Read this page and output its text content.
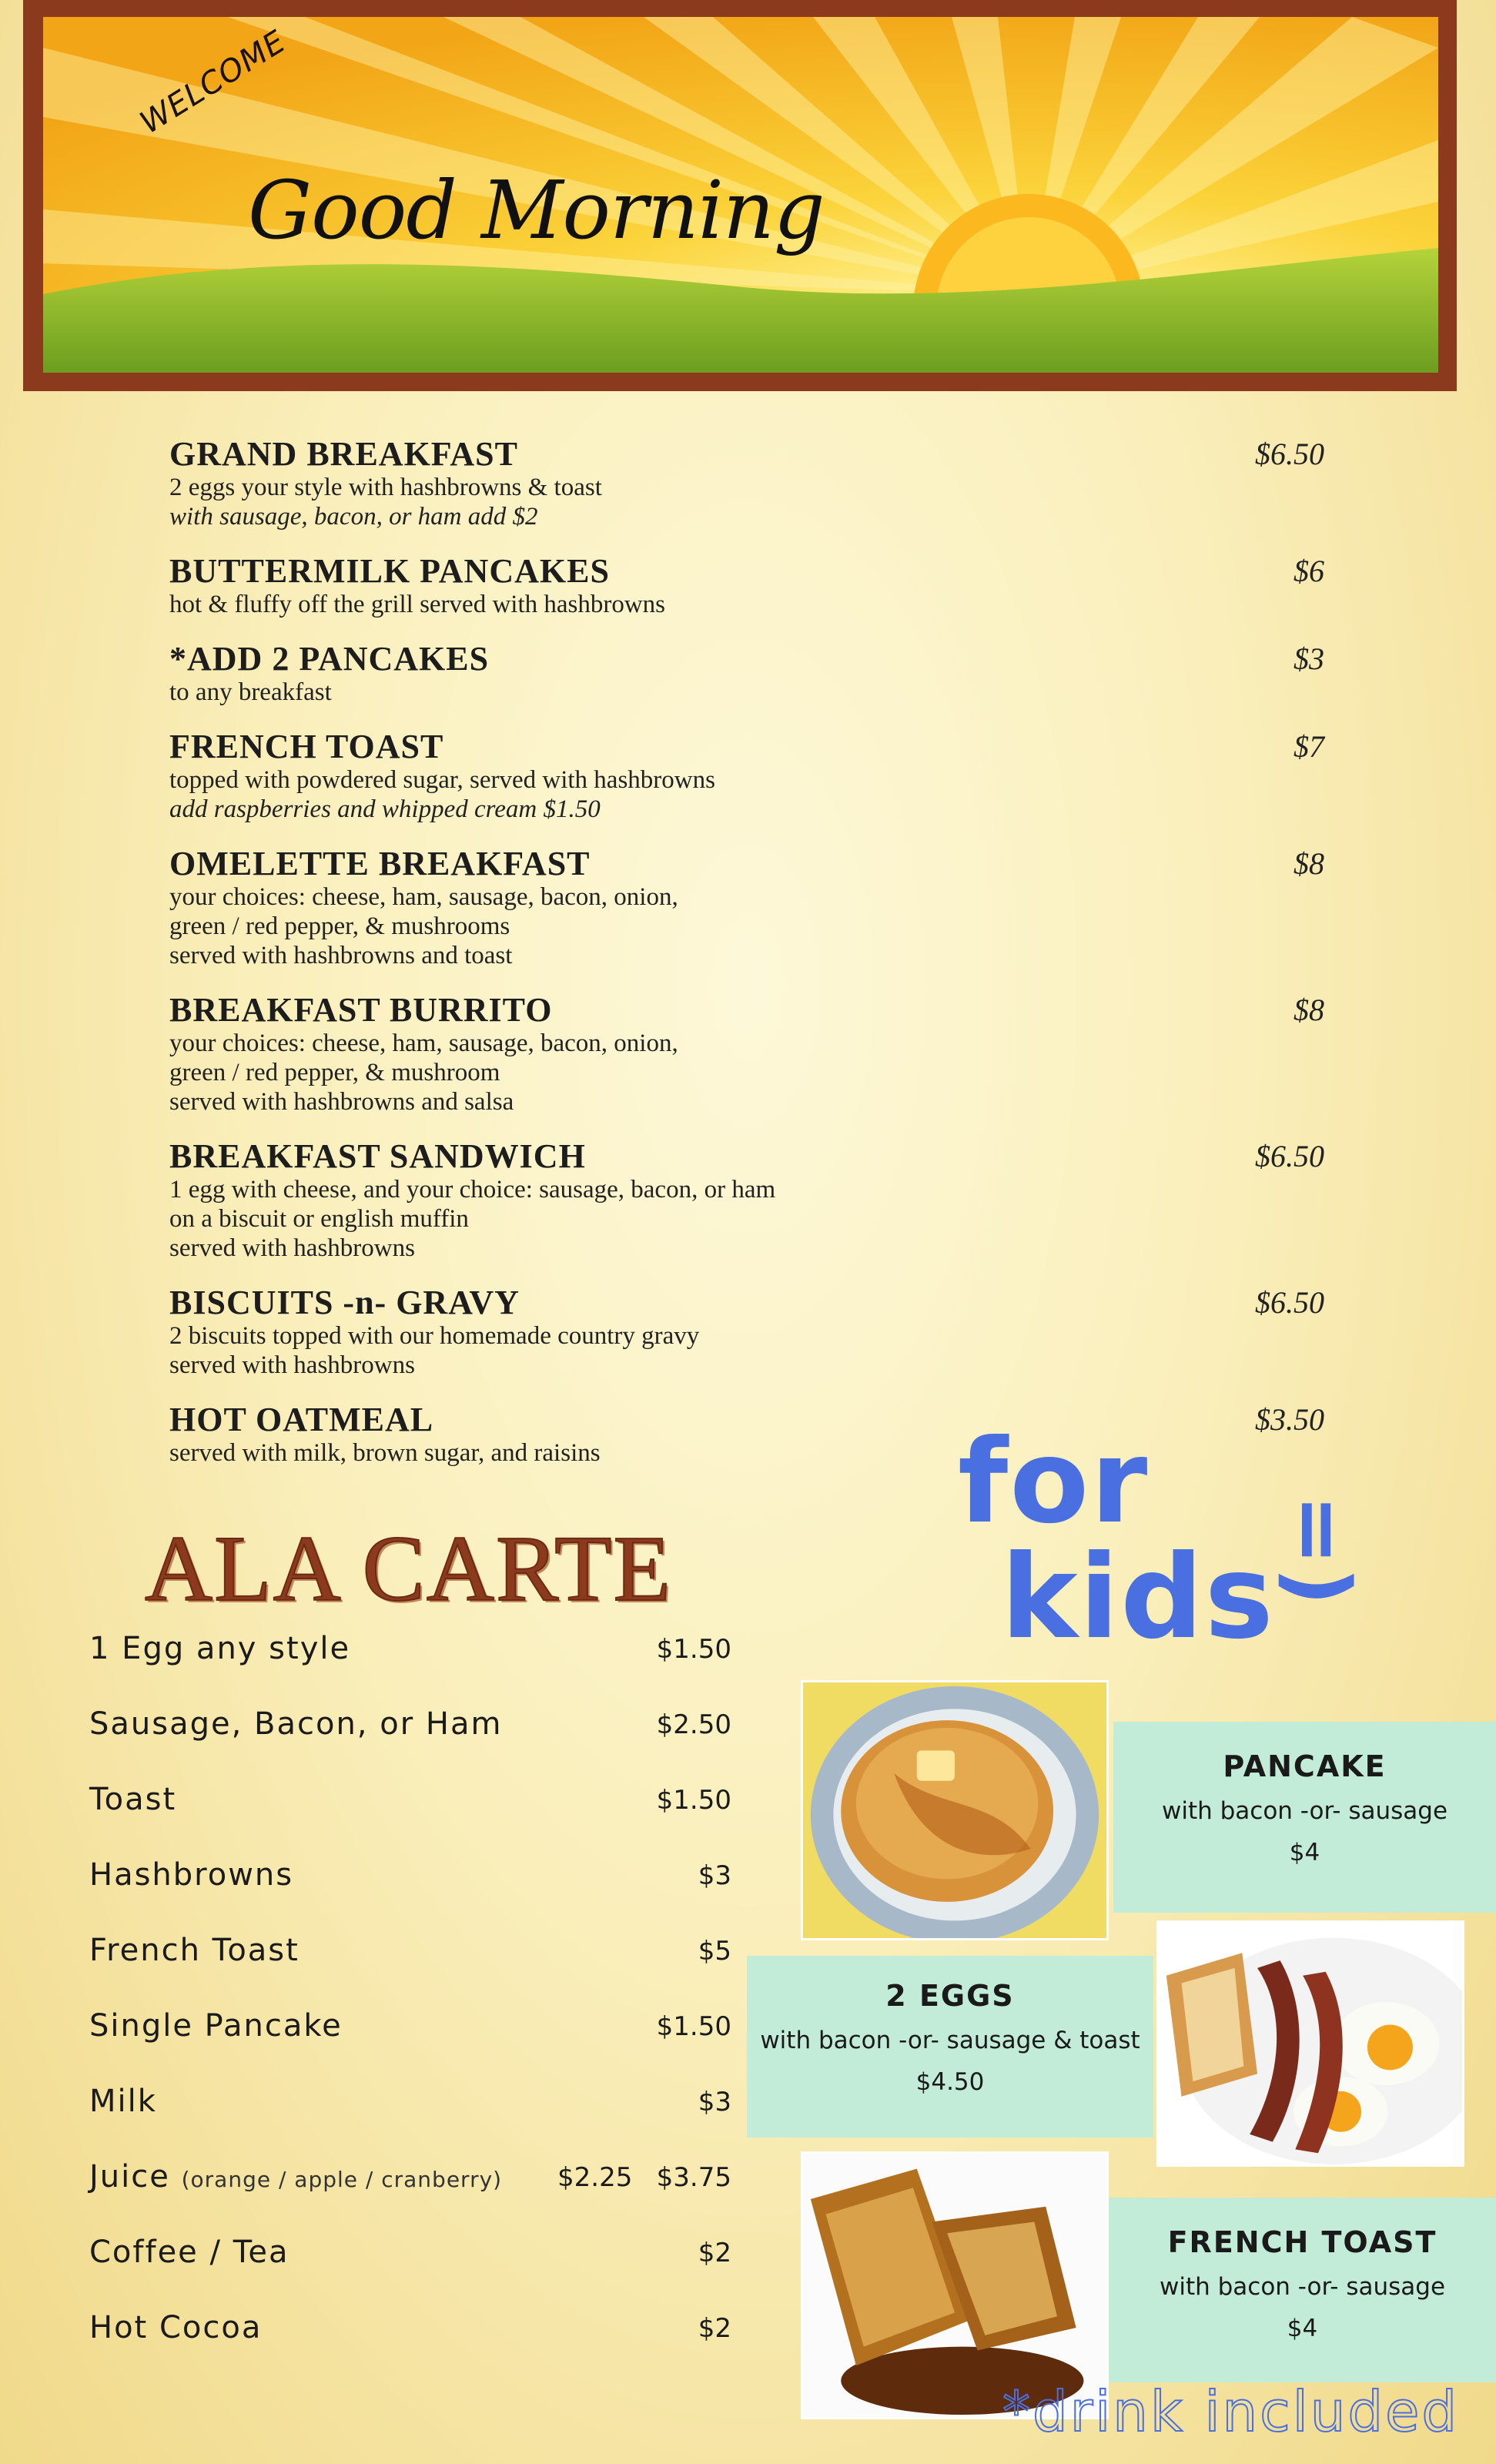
WELCOME
Good Morning
GRAND BREAKFAST
2 eggs your style with hashbrowns & toast
with sausage, bacon, or ham add $2
$6.50
BUTTERMILK PANCAKES
hot & fluffy off the grill served with hashbrowns
$6
*ADD 2 PANCAKES
to any breakfast
$3
FRENCH TOAST
topped with powdered sugar, served with hashbrowns
add raspberries and whipped cream $1.50
$7
OMELETTE BREAKFAST
your choices: cheese, ham, sausage, bacon, onion,
green / red pepper, & mushrooms
served with hashbrowns and toast
$8
BREAKFAST BURRITO
your choices: cheese, ham, sausage, bacon, onion,
green / red pepper, & mushroom
served with hashbrowns and salsa
$8
BREAKFAST SANDWICH
1 egg with cheese, and your choice: sausage, bacon, or ham
on a biscuit or english muffin
served with hashbrowns
$6.50
BISCUITS -n- GRAVY
2 biscuits topped with our homemade country gravy
served with hashbrowns
$6.50
HOT OATMEAL
served with milk, brown sugar, and raisins
$3.50
ALA CARTE
1 Egg any style	$1.50
Sausage, Bacon, or Ham	$2.50
Toast	$1.50
Hashbrowns	$3
French Toast	$5
Single Pancake	$1.50
Milk	$3
Juice (orange / apple / cranberry) $2.25 $3.75
Coffee / Tea	$2
Hot Cocoa	$2
for
kids
=)
PANCAKE
with bacon -or- sausage
$4
2 EGGS
with bacon -or- sausage & toast
$4.50
FRENCH TOAST
with bacon -or- sausage
$4
*drink included
